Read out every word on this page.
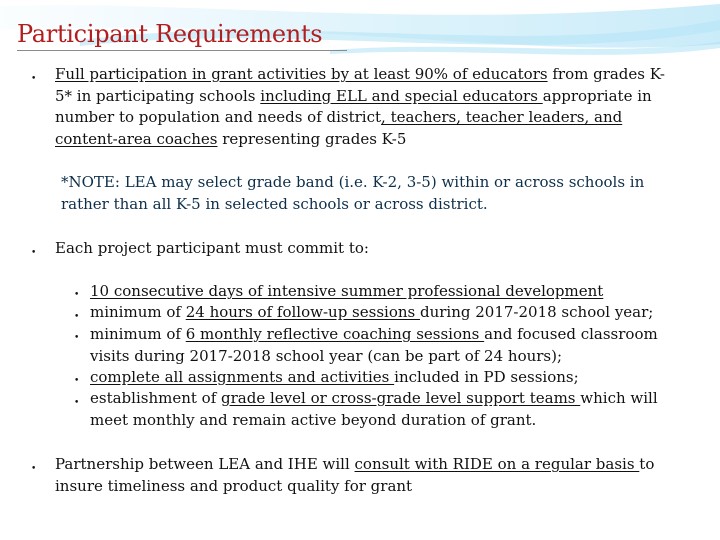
Participant Requirements
• Full participation in grant activities by at least 90% of educators from grades K-5* in participating schools including ELL and special educators appropriate in number to population and needs of district, teachers, teacher leaders, and content-area coaches representing grades K-5
*NOTE: LEA may select grade band (i.e. K-2, 3-5) within or across schools in rather than all K-5 in selected schools or across district.
• Each project participant must commit to:
• 10 consecutive days of intensive summer professional development
• minimum of 24 hours of follow-up sessions during 2017-2018 school year;
• minimum of 6 monthly reflective coaching sessions and focused classroom visits during 2017-2018 school year (can be part of 24 hours);
• complete all assignments and activities included in PD sessions;
• establishment of grade level or cross-grade level support teams which will meet monthly and remain active beyond duration of grant.
• Partnership between LEA and IHE will consult with RIDE on a regular basis to insure timeliness and product quality for grant
